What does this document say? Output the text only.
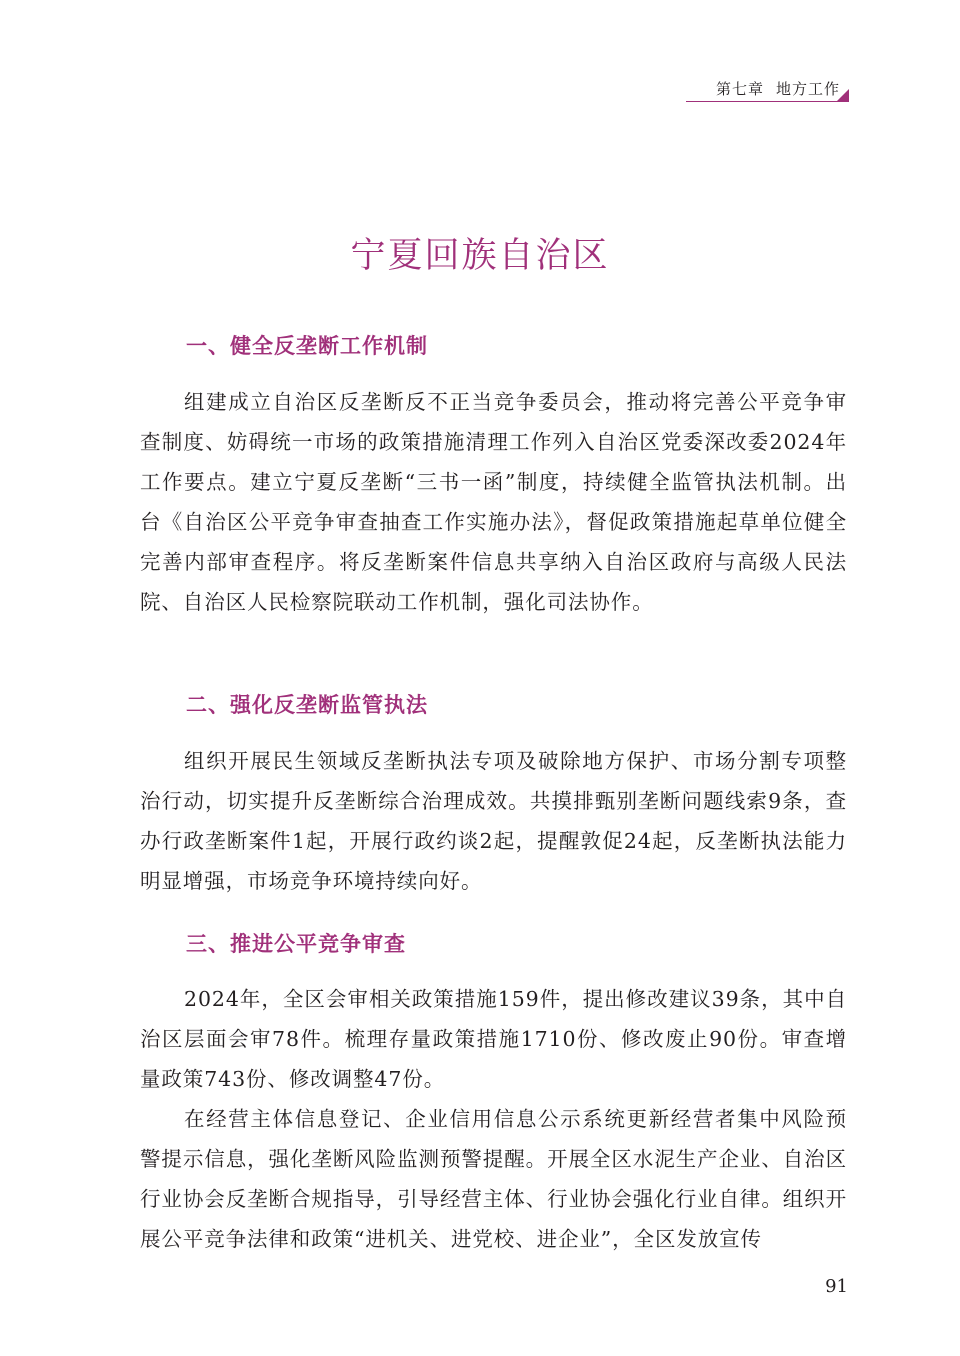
第七章 地方工作
宁夏回族自治区
一、健全反垄断工作机制

组建成立自治区反垄断反不正当竞争委员会，推动将完善公平竞争审查制度、妨碍统一市场的政策措施清理工作列入自治区党委深改委2024年工作要点。建立宁夏反垄断“三书一函”制度，持续健全监管执法机制。出台《自治区公平竞争审查抽查工作实施办法》，督促政策措施起草单位健全完善内部审查程序。将反垄断案件信息共享纳入自治区政府与高级人民法院、自治区人民检察院联动工作机制，强化司法协作。

二、强化反垄断监管执法

组织开展民生领域反垄断执法专项及破除地方保护、市场分割专项整治行动，切实提升反垄断综合治理成效。共摸排甄别垄断问题线索9条，查办行政垄断案件1起，开展行政约谈2起，提醒敦促24起，反垄断执法能力明显增强，市场竞争环境持续向好。

三、推进公平竞争审查

2024年，全区会审相关政策措施159件，提出修改建议39条，其中自治区层面会审78件。梳理存量政策措施1710份、修改废止90份。审查增量政策743份、修改调整47份。

在经营主体信息登记、企业信用信息公示系统更新经营者集中风险预警提示信息，强化垄断风险监测预警提醒。开展全区水泥生产企业、自治区行业协会反垄断合规指导，引导经营主体、行业协会强化行业自律。组织开展公平竞争法律和政策“进机关、进党校、进企业”，全区发放宣传

91
